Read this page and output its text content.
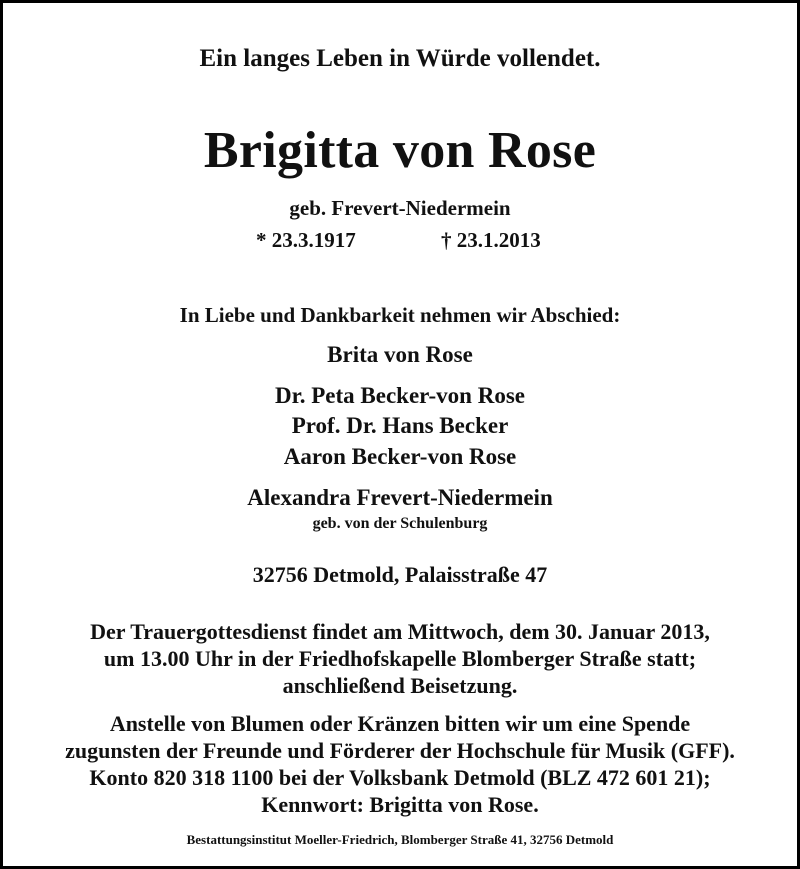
Ein langes Leben in Würde vollendet.
Brigitta von Rose
geb. Frevert-Niedermein
* 23.3.1917	† 23.1.2013
In Liebe und Dankbarkeit nehmen wir Abschied:
Brita von Rose
Dr. Peta Becker-von Rose
Prof. Dr. Hans Becker
Aaron Becker-von Rose
Alexandra Frevert-Niedermein
geb. von der Schulenburg
32756 Detmold, Palaisstraße 47
Der Trauergottesdienst findet am Mittwoch, dem 30. Januar 2013,
um 13.00 Uhr in der Friedhofskapelle Blomberger Straße statt;
anschließend Beisetzung.
Anstelle von Blumen oder Kränzen bitten wir um eine Spende
zugunsten der Freunde und Förderer der Hochschule für Musik (GFF).
Konto 820 318 1100 bei der Volksbank Detmold (BLZ 472 601 21);
Kennwort: Brigitta von Rose.
Bestattungsinstitut Moeller-Friedrich, Blomberger Straße 41, 32756 Detmold
